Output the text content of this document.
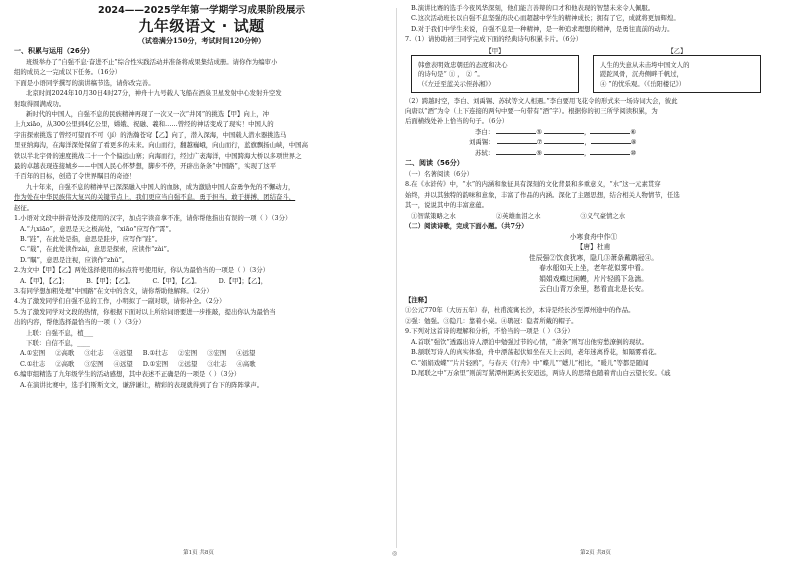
2024——2025学年第一学期学习成果阶段展示
九年级语文 · 试题
（试卷满分150分，考试时间120分钟）
一、积累与运用（26分）
班级举办了“自强不息·奋进不止”综合性实践活动并准备将成果集结成册。请你作为编审小
组的成员之一完成以下任务。（16分）
下面是小语同学撰写的演讲稿节选，请你改完善。
北京时间2024年10月30日4时27分，神舟十九号载人飞船在酒泉卫星发射中心发射升空发
射取得圆满成功。
新时代的中国人，自强不息的民族精神再现了一次又一次“井冈”的挑选【甲】向上，冲
上九xiāo，从300公里到4亿公里，嫦娥、祝融、羲和……曾经的神话变成了现实！中国人的
宇宙探索挑选了曾经可望而不可（jí）的浩瀚苍穹【乙】向了，潜入深海，中国载人潜水器挑选马
里亚纳海沟，在海洋深处保留了看更多的未来。向山而行，翻越巍峨，向山而行，蓝旗飘扬山峡，中国高
铁以半北宇骨的速度挑战二十一个个偏远山寨；向海而行，经过广袤海洋，中国跨海大桥以多项世界之
最的卓越表现连接城乡——中国人民心怀梦想，脚步不停，开辟出条条“中国路”，实现了这平
千百年的目标，创造了令世界瞩目的奇迹！
九十年来，自强不息的精神早已深深融入中国人的血脉，成为激励中国人奋勇争先的不懈动力，
作为处在中华民族伟大复兴的关键节点上，我们更应当自强不息，勇于担当，敢于拼搏，团结奋斗，
赵征。
1.小语对文段中拼音处涉及使用的汉字，加点字读音拿不准，请你帮他指出有误的一项（ ）（3分）
A.“九xiāo”，意思是天之极高处，“xiāo”应写作“霄”。
B.“跬”，在此处是指，意思是跬步，应写作“跬”。
C.“载”，在此处读作zài，意思是探索，应读作“zài”。
D.“瞩”，意思是注视，应读作“zhǔ”。
2.为文中【甲】【乙】两处选择使用的标点符号使用好，你认为最恰当的一项是（ ）（3分）
A.【甲】，【乙】；	B.【甲】；【乙】。	C.【甲】，【乙】。	D.【甲】；【乙】，
3.有同学想加粗处理“中国路”在文中的含义，请你帮助他解释。（2分）
4.为了激发同学们自强不息的工作，小明拟了一副对联，请你补全。（2分）
5.为了激发同学对文段的热情，你根据下面对以上所给词语要进一步推敲，提出你认为最恰当
出的内容，帮他选择最恰当的一项（ ）（3分）
上联：自强不息，植___
下联：自信不息，____
A.①宏图 ②高歌 ③壮志 ④远望 B.①壮志 ②宏图 ③宏图 ④远望
C.①壮志 ②高歌 ③宏图 ④远望 D.①宏图 ②远望 ③壮志 ④高歌
6.编审组精选了九年级学生的活动感想，其中表述不正确是的一项是（ ）（3分）
A.在演讲比赛中，选手们斯斯文文，谦辞谦让，精彩的表现就得到了台下的阵阵掌声。
第1页 共8页	◎
B.演讲比赛的选手今夜风华深刻，他们能言善辩的口才和他表现的智慧未来令人佩服。
C.这次活动班长以自强不息坚强的决心而超越中学生的精神成长；拥有了它，成就将更加辉煌。
D.对于我们中学生来说，自强不息是一种精神，是一种追求理想的精神，是勇往直前的动力。
7.（1）请协助初三同学完成下面的经典诗句积累卡片。（6分）
【甲】
韩愈表明效忠朝廷的态度和决心
的诗句是“ ① ， ② ”。
（《左迁至蓝关示侄孙湘》）
【乙】
人生的失意从未击垮中国文人的
蹉跎风骨，沉舟侧畔千帆过，
④ ”的忧乐观。（《岳阳楼记》）
（2）跨越时空，李白、刘禹锡、苏轼等文人相遇。”李白要用飞花令的形式来一场诗词大会，彼此
向唐以“酒”为令（上下连接的两句中要一句带有“酒”字）。根据你的初三所学阅读积累，为
后面横线处补上恰当的句子。（6分）
李白：	⑤	，	⑥
刘禹锡：	⑦	，	⑧
苏轼：	⑨	，	⑩
二、阅读（56分）
（一）名著阅读（6分）
8.在《水浒传》中，“水”的内涵和象征具有深刻的文化背景和多重意义，“水”这一元素贯穿
始终，并以其独特的韵味和意象，丰富了作品的内涵。深化了主题思想，结合相关人物情节，任选
其一，说说其中的丰富意蕴。
①智谋策略之水	②英雄血泪之水	③义气豪情之水
（二）阅读诗歌，完成下面小题。（共7分）
小寒食舟中作①
【唐】杜甫
佳辰强②饮食犹寒，隐几③萧条戴鹖冠④。
春水船如天上坐，老年花似雾中看。
娟娟戏蝶过闲幔，片片轻鸥下急湍。
云白山青万余里，愁看直北是长安。
【注释】
①公元770年（大历五年）春，杜甫流寓长沙，本诗是经长沙至潭州途中的作品。
②强：勉强。③隐几：靠着小桌。④鹖冠：隐者所戴的帽子。
9.下列对这首诗的理解和分析，不恰当的一项是（ ）（3分）
A.首联“强饮”透露出诗人漂泊中勉强过节的心情，“萧条”则写出他穷愁潦倒的现状。
B.颔联写诗人的真实体验，舟中漂荡起伏如坐在天上云间，老年迷离昏花，如隔雾看花。
C.“娟娟戏蝶”“片片轻鸥”，与春天《行舟》中“蝶儿”“蟋儿”相比，“暖儿”等都是随闻
D.尾联之中“万余里”则前写紧潭州距离长安迢远，两诗人的思绪也随着青山白云望长安。《戚
第2页 共8页
